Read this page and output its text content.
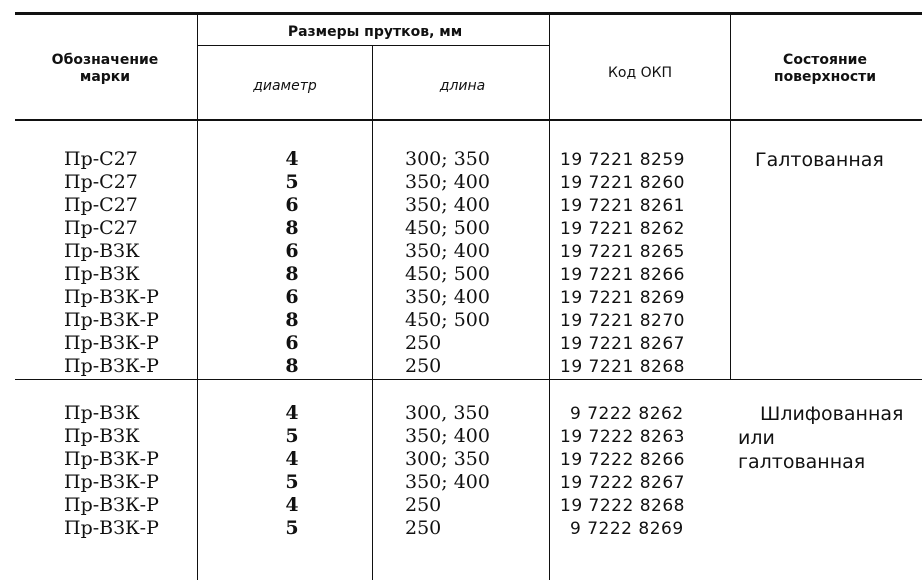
Обозначение марки
Размеры прутков, мм
диаметр	длина
Код ОКП
Состояние поверхности
Галтованная
Пр-С27	4	300; 350	19 7221 8259
Пр-С27	5	350; 400	19 7221 8260
Пр-С27	6	350; 400	19 7221 8261
Пр-С27	8	450; 500	19 7221 8262
Пр-ВЗК	6	350; 400	19 7221 8265
Пр-ВЗК	8	450; 500	19 7221 8266
Пр-ВЗК-Р	6	350; 400	19 7221 8269
Пр-ВЗК-Р	8	450; 500	19 7221 8270
Пр-ВЗК-Р	6	250	19 7221 8267
Пр-ВЗК-Р	8	250	19 7221 8268
Шлифованная
или
галтованная
Пр-ВЗК	4	300, 350	9 7222 8262
Пр-ВЗК	5	350; 400	19 7222 8263
Пр-ВЗК-Р	4	300; 350	19 7222 8266
Пр-ВЗК-Р	5	350; 400	19 7222 8267
Пр-ВЗК-Р	4	250	19 7222 8268
Пр-ВЗК-Р	5	250	9 7222 8269
